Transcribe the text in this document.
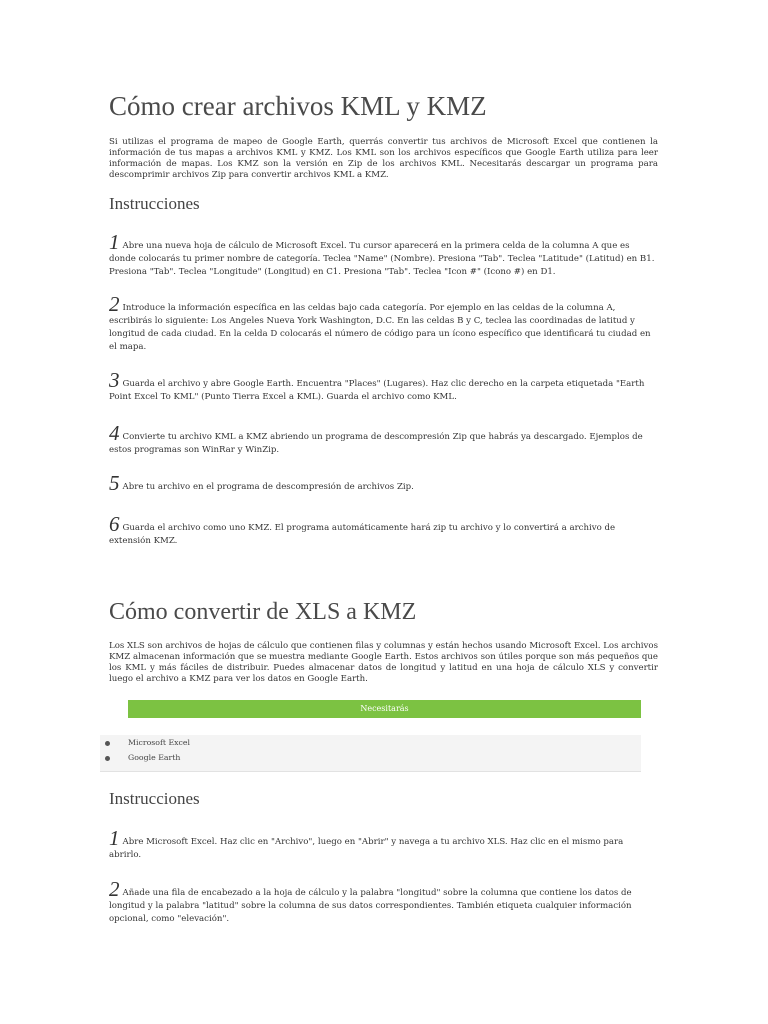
Cómo crear archivos KML y KMZ

Si utilizas el programa de mapeo de Google Earth, querrás convertir tus archivos de Microsoft Excel que contienen la información de tus mapas a archivos KML y KMZ. Los KML son los archivos específicos que Google Earth utiliza para leer información de mapas. Los KMZ son la versión en Zip de los archivos KML. Necesitarás descargar un programa para descomprimir archivos Zip para convertir archivos KML a KMZ.

Instrucciones

1 Abre una nueva hoja de cálculo de Microsoft Excel. Tu cursor aparecerá en la primera celda de la columna A que es donde colocarás tu primer nombre de categoría. Teclea "Name" (Nombre). Presiona "Tab". Teclea "Latitude" (Latitud) en B1. Presiona "Tab". Teclea "Longitude" (Longitud) en C1. Presiona "Tab". Teclea "Icon #" (Icono #) en D1.

2 Introduce la información específica en las celdas bajo cada categoría. Por ejemplo en las celdas de la columna A, escribirás lo siguiente: Los Angeles Nueva York Washington, D.C. En las celdas B y C, teclea las coordinadas de latitud y longitud de cada ciudad. En la celda D colocarás el número de código para un ícono específico que identificará tu ciudad en el mapa.

3 Guarda el archivo y abre Google Earth. Encuentra "Places" (Lugares). Haz clic derecho en la carpeta etiquetada "Earth Point Excel To KML" (Punto Tierra Excel a KML). Guarda el archivo como KML.

4 Convierte tu archivo KML a KMZ abriendo un programa de descompresión Zip que habrás ya descargado. Ejemplos de estos programas son WinRar y WinZip.

5 Abre tu archivo en el programa de descompresión de archivos Zip.

6 Guarda el archivo como uno KMZ. El programa automáticamente hará zip tu archivo y lo convertirá a archivo de extensión KMZ.

Cómo convertir de XLS a KMZ

Los XLS son archivos de hojas de cálculo que contienen filas y columnas y están hechos usando Microsoft Excel. Los archivos KMZ almacenan información que se muestra mediante Google Earth. Estos archivos son útiles porque son más pequeños que los KML y más fáciles de distribuir. Puedes almacenar datos de longitud y latitud en una hoja de cálculo XLS y convertir luego el archivo a KMZ para ver los datos en Google Earth.

Necesitarás
Microsoft Excel
Google Earth
Instrucciones

1 Abre Microsoft Excel. Haz clic en "Archivo", luego en "Abrir" y navega a tu archivo XLS. Haz clic en el mismo para abrirlo.

2 Añade una fila de encabezado a la hoja de cálculo y la palabra "longitud" sobre la columna que contiene los datos de longitud y la palabra "latitud" sobre la columna de sus datos correspondientes. También etiqueta cualquier información opcional, como "elevación".
